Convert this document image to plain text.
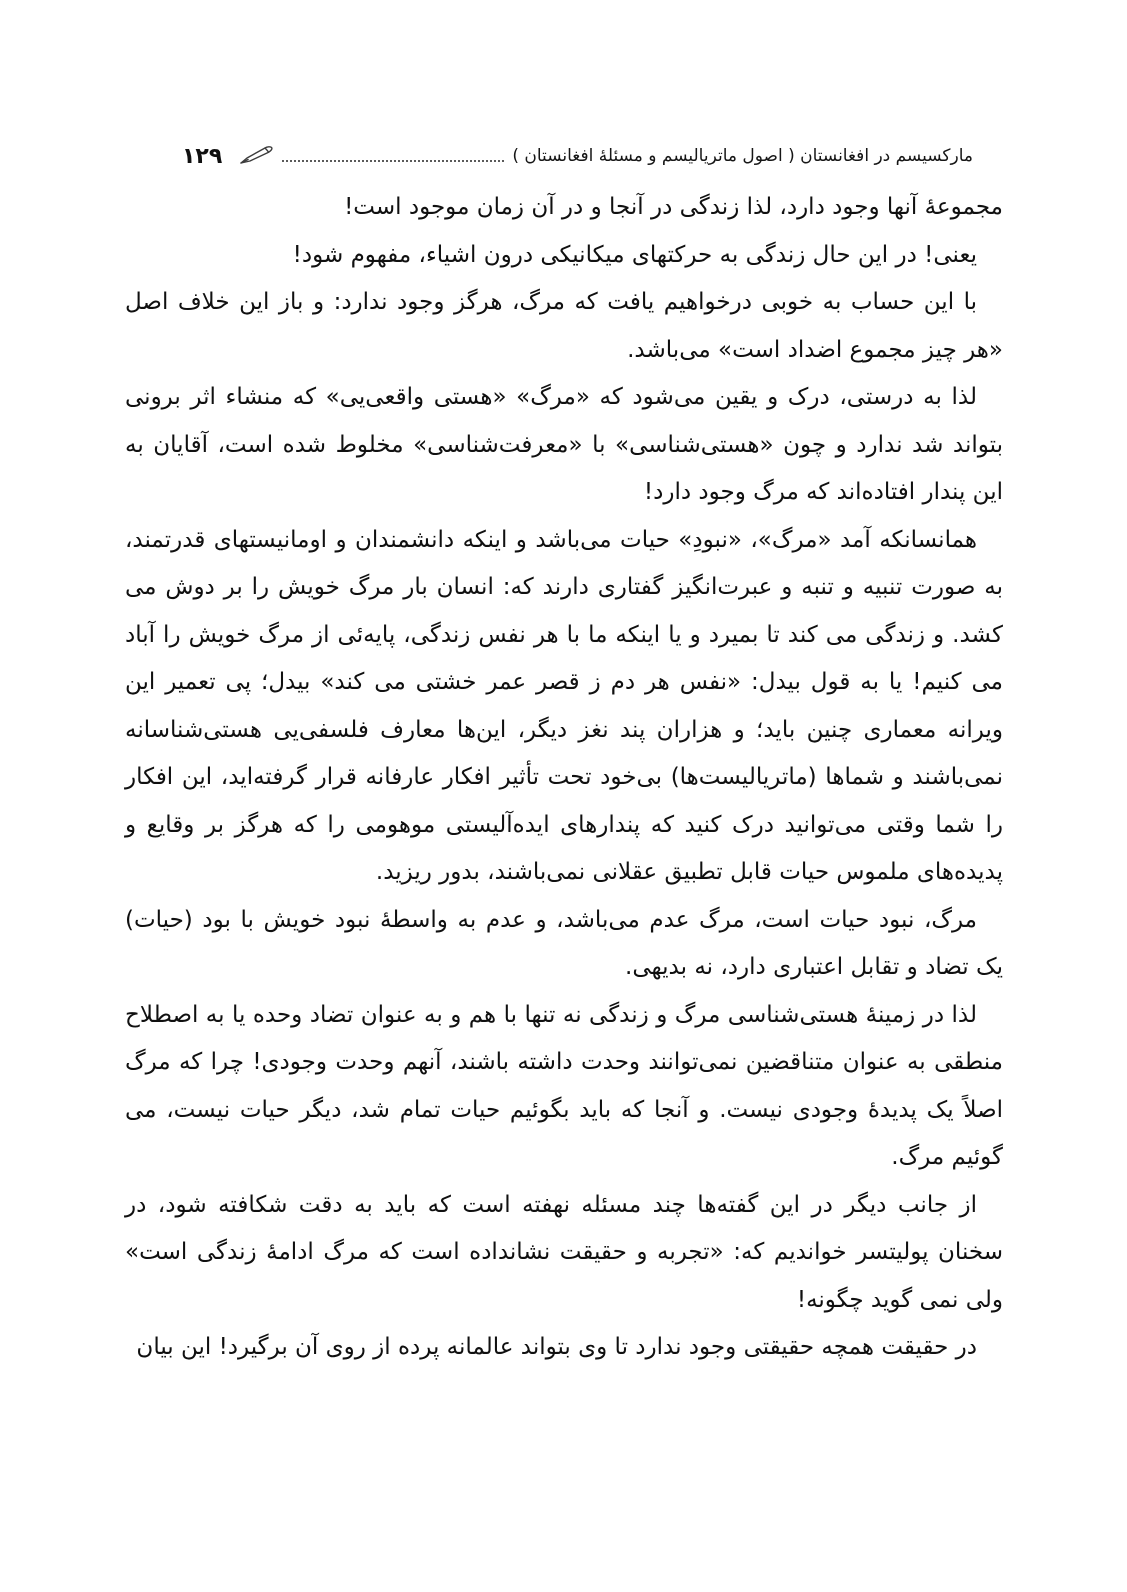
مارکسیسم در افغانستان ( اصول ماتریالیسم و مسئلهٔ افغانستان )
۱۲۹

مجموعهٔ آنها وجود دارد، لذا زندگی در آنجا و در آن زمان موجود است!

یعنی! در این حال زندگی به حرکتهای میکانیکی درون اشیاء، مفهوم شود!

با این حساب به خوبی درخواهیم یافت که مرگ، هرگز وجود ندارد: و باز این خلاف اصل «هر چیز مجموع اضداد است» می‌باشد.

لذا به درستی، درک و یقین می‌شود که «مرگ» «هستی واقعی‌یی» که منشاء اثر برونی بتواند شد ندارد و چون «هستی‌شناسی» با «معرفت‌شناسی» مخلوط شده است، آقایان به این پندار افتاده‌اند که مرگ وجود دارد!

همانسانکه آمد «مرگ»، «نبودِ» حیات می‌باشد و اینکه دانشمندان و اومانیستهای قدرتمند، به صورت تنبیه و تنبه و عبرت‌انگیز گفتاری دارند که: انسان بار مرگ خویش را بر دوش می کشد. و زندگی می کند تا بمیرد و یا اینکه ما با هر نفس زندگی، پایه‌ئی از مرگ خویش را آباد می کنیم! یا به قول بیدل: «نفس هر دم ز قصر عمر خشتی می کند» بیدل؛ پی تعمیر این ویرانه معماری چنین باید؛ و هزاران پند نغز دیگر، این‌ها معارف فلسفی‌یی هستی‌شناسانه نمی‌باشند و شماها (ماتریالیست‌ها) بی‌خود تحت تأثیر افکار عارفانه قرار گرفته‌اید، این افکار را شما وقتی می‌توانید درک کنید که پندارهای ایده‌آلیستی موهومی را که هرگز بر وقایع و پدیده‌های ملموس حیات قابل تطبیق عقلانی نمی‌باشند، بدور ریزید.

مرگ، نبود حیات است، مرگ عدم می‌باشد، و عدم به واسطهٔ نبود خویش با بود (حیات) یک تضاد و تقابل اعتباری دارد، نه بدیهی.

لذا در زمینهٔ هستی‌شناسی مرگ و زندگی نه تنها با هم و به عنوان تضاد وحده یا به اصطلاح منطقی به عنوان متناقضین نمی‌توانند وحدت داشته باشند، آنهم وحدت وجودی! چرا که مرگ اصلاً یک پدیدهٔ وجودی نیست. و آنجا که باید بگوئیم حیات تمام شد، دیگر حیات نیست، می گوئیم مرگ.

از جانب دیگر در این گفته‌ها چند مسئله نهفته است که باید به دقت شکافته شود، در سخنان پولیتسر خواندیم که: «تجربه و حقیقت نشانداده است که مرگ ادامهٔ زندگی است» ولی نمی گوید چگونه!

در حقیقت همچه حقیقتی وجود ندارد تا وی بتواند عالمانه پرده از روی آن برگیرد! این بیان
